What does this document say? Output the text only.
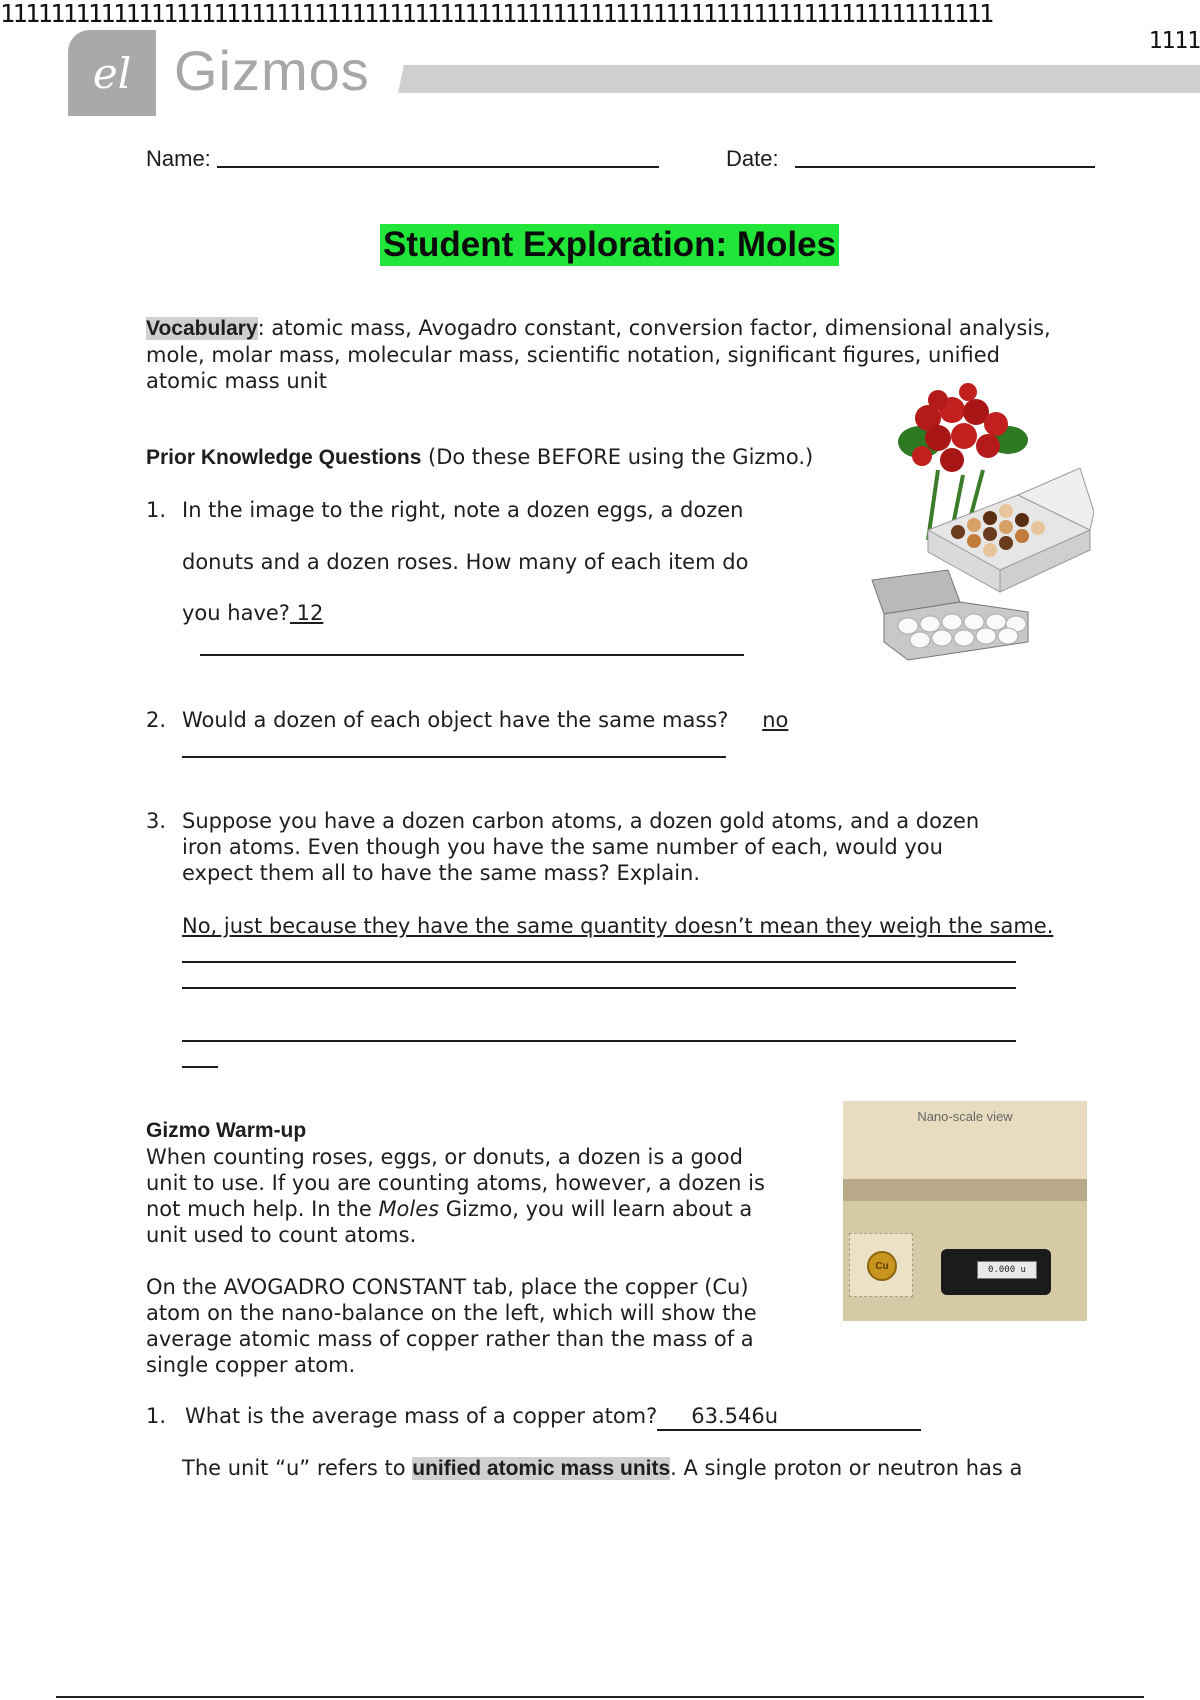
1111111111111111111111111111111111111111111111111111111111111111111111111111111
1111
el Gizmos
Name:	Date:
Student Exploration: Moles
Vocabulary: atomic mass, Avogadro constant, conversion factor, dimensional analysis,
mole, molar mass, molecular mass, scientific notation, significant figures, unified
atomic mass unit
Prior Knowledge Questions (Do these BEFORE using the Gizmo.)
1. In the image to the right, note a dozen eggs, a dozen
donuts and a dozen roses. How many of each item do
you have? 12
2. Would a dozen of each object have the same mass? no
3. Suppose you have a dozen carbon atoms, a dozen gold atoms, and a dozen
iron atoms. Even though you have the same number of each, would you
expect them all to have the same mass? Explain.
No, just because they have the same quantity doesn’t mean they weigh the same.
Gizmo Warm-up
When counting roses, eggs, or donuts, a dozen is a good
unit to use. If you are counting atoms, however, a dozen is
not much help. In the Moles Gizmo, you will learn about a
unit used to count atoms.
On the AVOGADRO CONSTANT tab, place the copper (Cu)
atom on the nano-balance on the left, which will show the
average atomic mass of copper rather than the mass of a
single copper atom.
Nano-scale view
Cu	0.000 u
1. What is the average mass of a copper atom? 63.546u
The unit “u” refers to unified atomic mass units. A single proton or neutron has a
